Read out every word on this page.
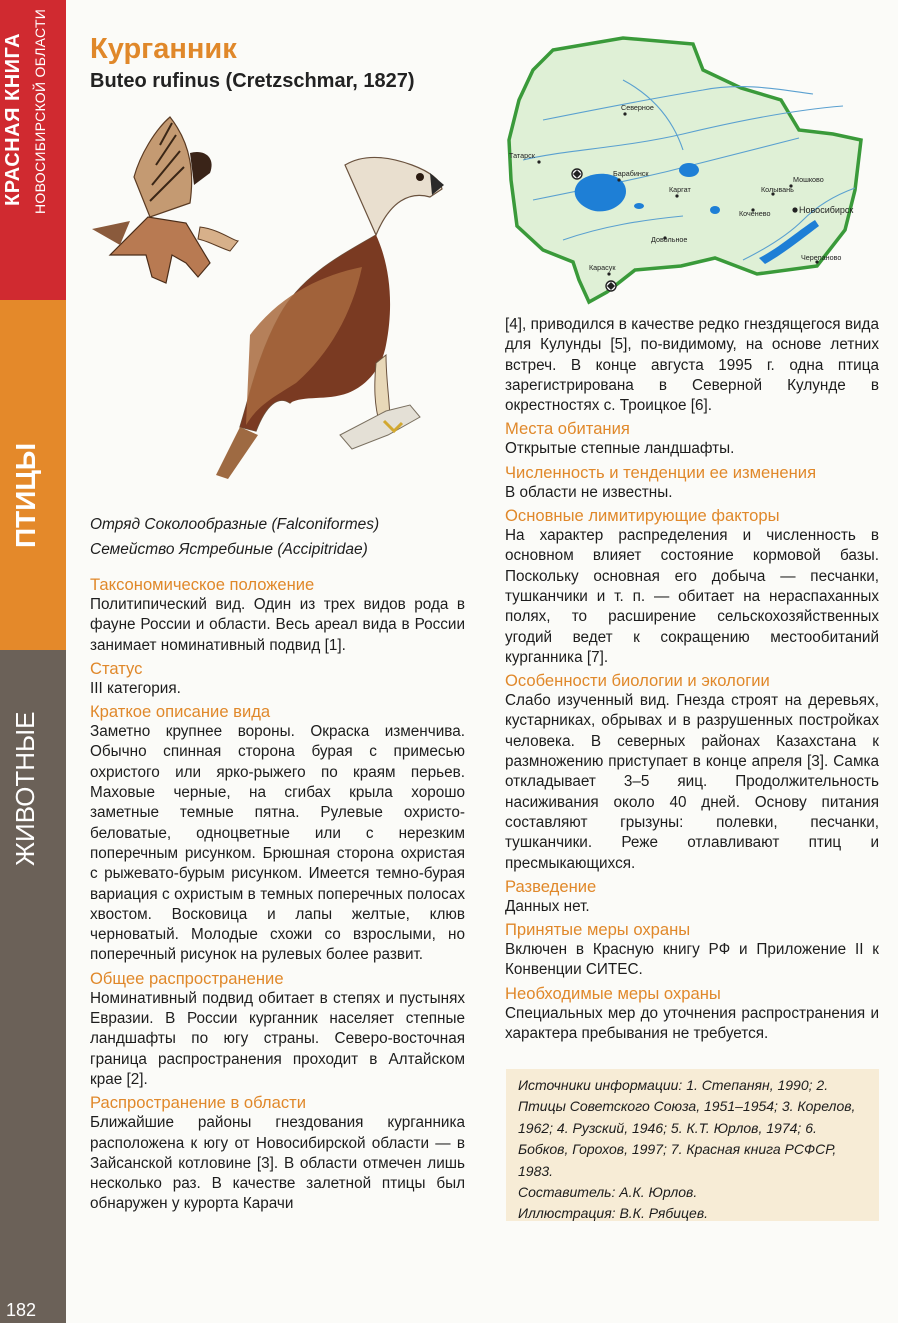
КРАСНАЯ КНИГА НОВОСИБИРСКОЙ ОБЛАСТИ
ПТИЦЫ
ЖИВОТНЫЕ
182
Курганник
Buteo rufinus (Cretzschmar, 1827)
Северное
Татарск
Барабинск
Каргат
Мошково
Колывань
Коченево	Новосибирск
Довольное
Карасук
Черепаново
Отряд Соколообразные (Falconiformes)
Семейство Ястребиные (Accipitridae)
Таксономическое положение

Политипический вид. Один из трех видов рода в фауне России и области. Весь ареал вида в России занимает номинативный подвид [1].

Статус

III категория.

Краткое описание вида

Заметно крупнее вороны. Окраска изменчива. Обычно спинная сторона бурая с примесью охристого или ярко-рыжего по краям перьев. Маховые черные, на сгибах крыла хорошо заметные темные пятна. Рулевые охристо-беловатые, одноцветные или с нерезким поперечным рисунком. Брюшная сторона охристая с рыжевато-бурым рисунком. Имеется темно-бурая вариация с охристым в темных поперечных полосах хвостом. Восковица и лапы желтые, клюв черноватый. Молодые схожи со взрослыми, но поперечный рисунок на рулевых более развит.

Общее распространение

Номинативный подвид обитает в степях и пустынях Евразии. В России курганник населяет степные ландшафты по югу страны. Северо-восточная граница распространения проходит в Алтайском крае [2].

Распространение в области

Ближайшие районы гнездования курганника расположена к югу от Новосибирской области — в Зайсанской котловине [3]. В области отмечен лишь несколько раз. В качестве залетной птицы был обнаружен у курорта Карачи

[4], приводился в качестве редко гнездящегося вида для Кулунды [5], по-видимому, на основе летних встреч. В конце августа 1995 г. одна птица зарегистрирована в Северной Кулунде в окрестностях с. Троицкое [6].

Места обитания

Открытые степные ландшафты.

Численность и тенденции ее изменения

В области не известны.

Основные лимитирующие факторы

На характер распределения и численность в основном влияет состояние кормовой базы. Поскольку основная его добыча — песчанки, тушканчики и т. п. — обитает на нераспаханных полях, то расширение сельскохозяйственных угодий ведет к сокращению местообитаний курганника [7].

Особенности биологии и экологии

Слабо изученный вид. Гнезда строят на деревьях, кустарниках, обрывах и в разрушенных постройках человека. В северных районах Казахстана к размножению приступает в конце апреля [3]. Самка откладывает 3–5 яиц. Продолжительность насиживания около 40 дней. Основу питания составляют грызуны: полевки, песчанки, тушканчики. Реже отлавливают птиц и пресмыкающихся.

Разведение

Данных нет.

Принятые меры охраны

Включен в Красную книгу РФ и Приложение II к Конвенции СИТЕС.

Необходимые меры охраны

Специальных мер до уточнения распространения и характера пребывания не требуется.

Источники информации: 1. Степанян, 1990; 2. Птицы Советского Союза, 1951–1954; 3. Корелов, 1962; 4. Рузский, 1946; 5. К.Т. Юрлов, 1974; 6. Бобков, Горохов, 1997; 7. Красная книга РСФСР, 1983.

Составитель: А.К. Юрлов.

Иллюстрация: В.К. Рябицев.
